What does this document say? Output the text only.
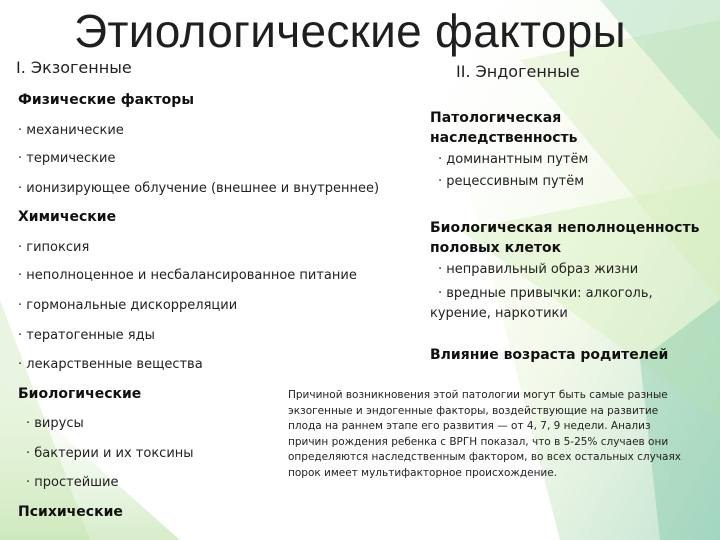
Этиологические факторы
I. Экзогенные	II. Эндогенные
Физические факторы
· механические
· термические
· ионизирующее облучение (внешнее и внутреннее)
Химические
· гипоксия
· неполноценное и несбалансированное питание
· гормональные дискорреляции
· тератогенные яды
· лекарственные вещества
Биологические
· вирусы
· бактерии и их токсины
· простейшие
Психические
Патологическая наследственность
· доминантным путём
· рецессивным путём
Биологическая неполноценность половых клеток
· неправильный образ жизни
· вредные привычки: алкоголь, курение, наркотики
Влияние возраста родителей
Причиной возникновения этой патологии могут быть самые разные экзогенные и эндогенные факторы, воздействующие на развитие плода на раннем этапе его развития — от 4, 7, 9 недели. Анализ причин рождения ребенка с ВРГН показал, что в 5-25% случаев они определяются наследственным фактором, во всех остальных случаях порок имеет мультифакторное происхождение.
